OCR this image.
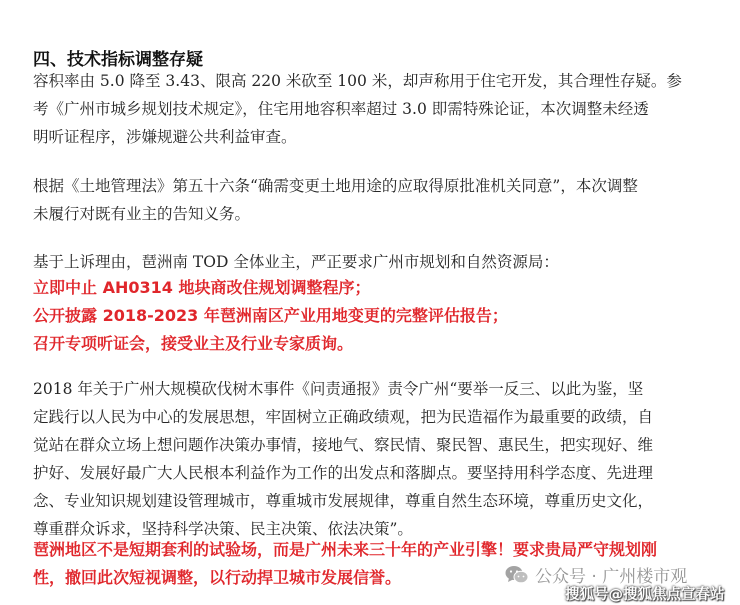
四、技术指标调整存疑
容积率由 5.0 降至 3.43、限高 220 米砍至 100 米，却声称用于住宅开发，其合理性存疑。参
考《广州市城乡规划技术规定》，住宅用地容积率超过 3.0 即需特殊论证，本次调整未经透
明听证程序，涉嫌规避公共利益审查。
根据《土地管理法》第五十六条“确需变更土地用途的应取得原批准机关同意”，本次调整
未履行对既有业主的告知义务。
基于上诉理由，琶洲南 TOD 全体业主，严正要求广州市规划和自然资源局：
立即中止 AH0314 地块商改住规划调整程序；
公开披露 2018-2023 年琶洲南区产业用地变更的完整评估报告；
召开专项听证会，接受业主及行业专家质询。
2018 年关于广州大规模砍伐树木事件《问责通报》责令广州“要举一反三、以此为鉴，坚
定践行以人民为中心的发展思想，牢固树立正确政绩观，把为民造福作为最重要的政绩，自
觉站在群众立场上想问题作决策办事情，接地气、察民情、聚民智、惠民生，把实现好、维
护好、发展好最广大人民根本利益作为工作的出发点和落脚点。要坚持用科学态度、先进理
念、专业知识规划建设管理城市，尊重城市发展规律，尊重自然生态环境，尊重历史文化，
尊重群众诉求，坚持科学决策、民主决策、依法决策”。
琶洲地区不是短期套利的试验场，而是广州未来三十年的产业引擎！要求贵局严守规划刚
性，撤回此次短视调整，以行动捍卫城市发展信誉。	公众号 · 广州楼市观
搜狐号@搜狐焦点宣春站
